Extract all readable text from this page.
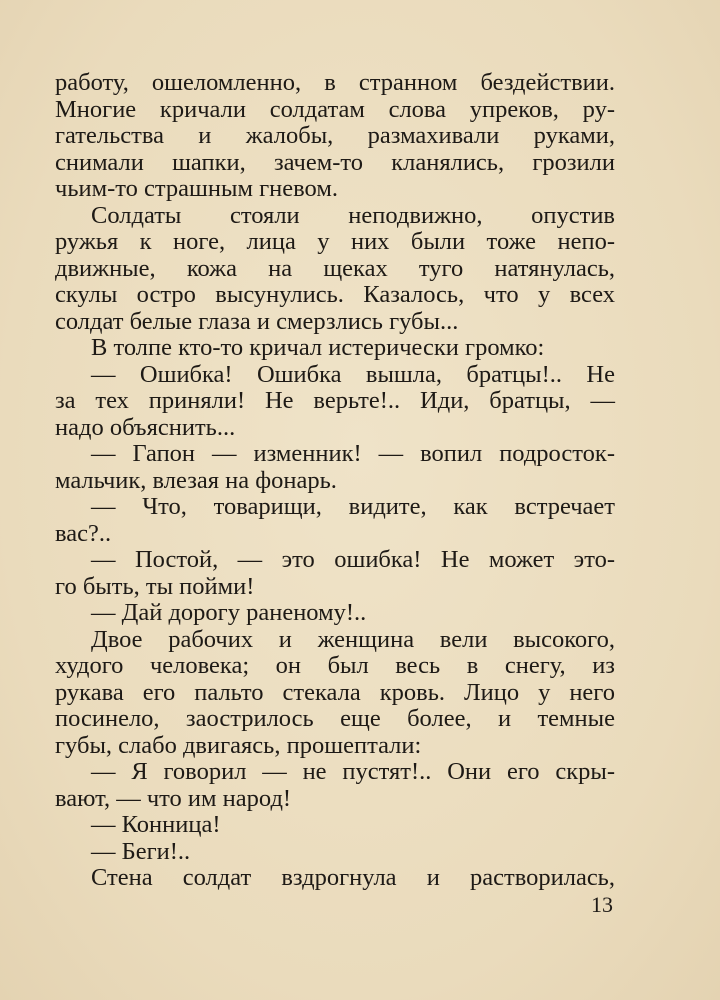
работу, ошеломленно, в странном бездействии.
Многие кричали солдатам слова упреков, ру-
гательства и жалобы, размахивали руками,
снимали шапки, зачем-то кланялись, грозили
чьим-то страшным гневом.
Солдаты стояли неподвижно, опустив
ружья к ноге, лица у них были тоже непо-
движные, кожа на щеках туго натянулась,
скулы остро высунулись. Казалось, что у всех
солдат белые глаза и смерзлись губы...
В толпе кто-то кричал истерически громко:
— Ошибка! Ошибка вышла, братцы!.. Не
за тех приняли! Не верьте!.. Иди, братцы, —
надо объяснить...
— Гапон — изменник! — вопил подросток-
мальчик, влезая на фонарь.
— Что, товарищи, видите, как встречает
вас?..
— Постой, — это ошибка! Не может это-
го быть, ты пойми!
— Дай дорогу раненому!..
Двое рабочих и женщина вели высокого,
худого человека; он был весь в снегу, из
рукава его пальто стекала кровь. Лицо у него
посинело, заострилось еще более, и темные
губы, слабо двигаясь, прошептали:
— Я говорил — не пустят!.. Они его скры-
вают, — что им народ!
— Конница!
— Беги!..
Стена солдат вздрогнула и растворилась,
13
